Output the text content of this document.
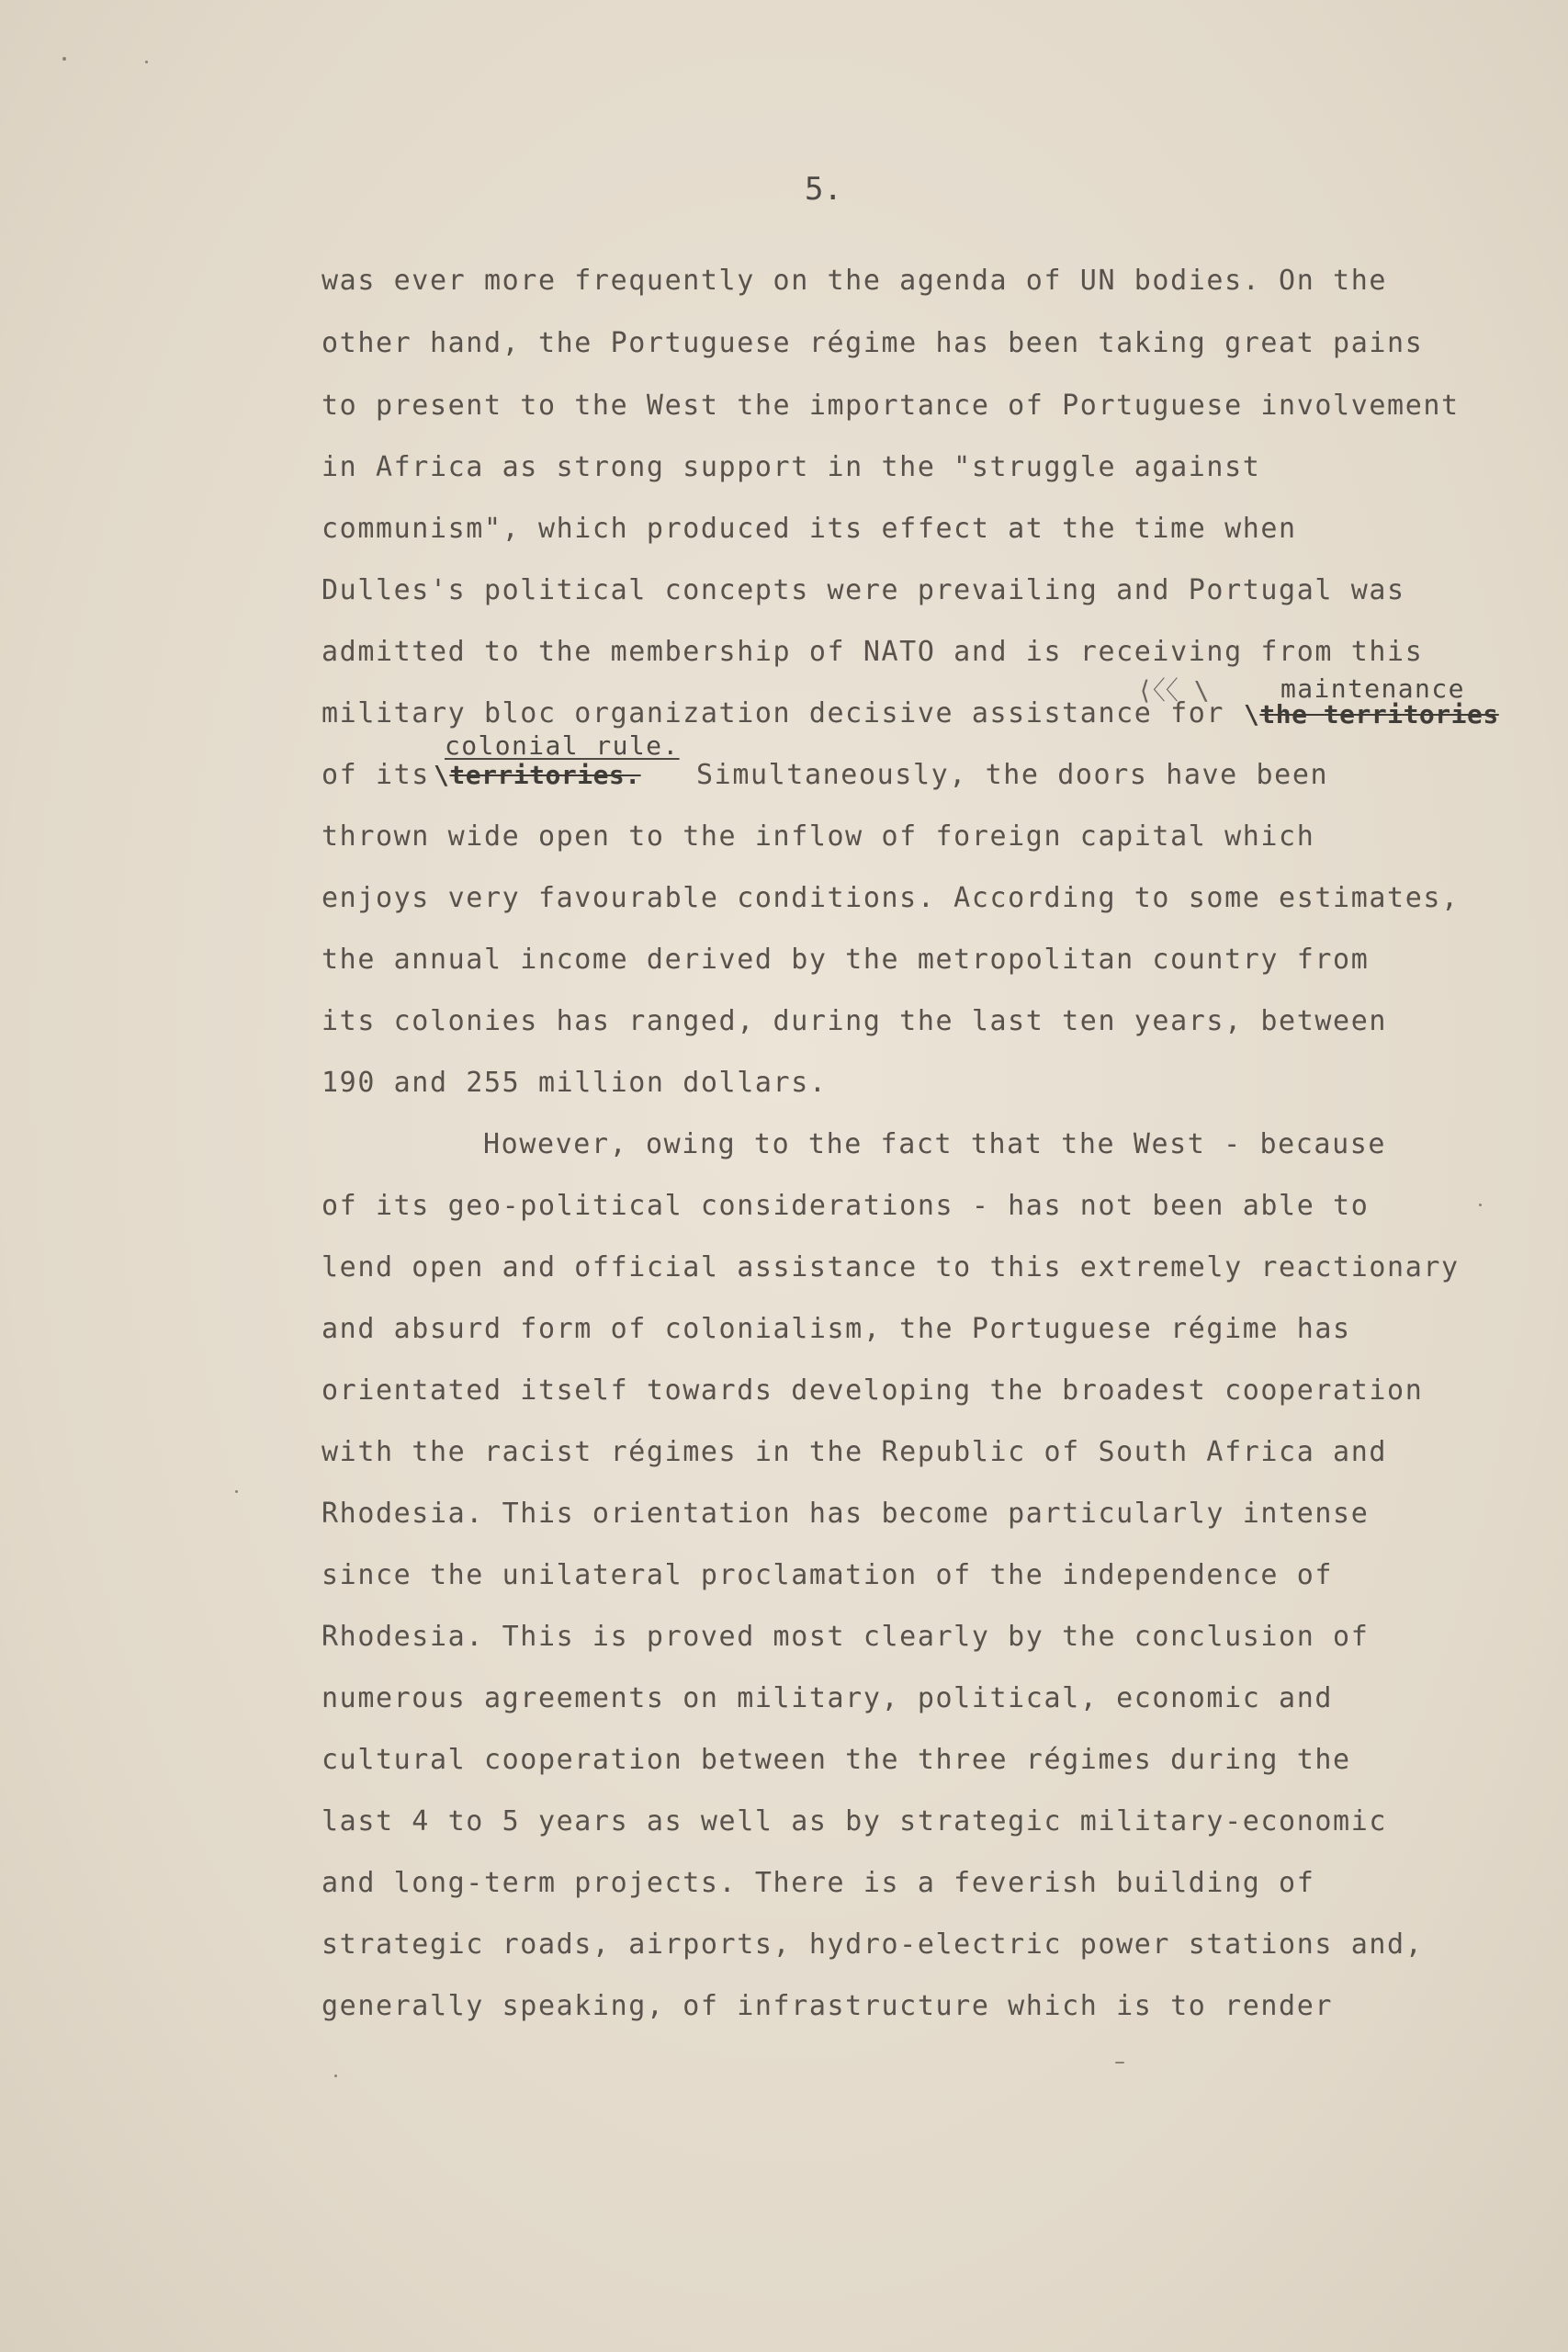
5.
was ever more frequently on the agenda of UN bodies. On the
other hand, the Portuguese régime has been taking great pains
to present to the West the importance of Portuguese involvement
in Africa as strong support in the "struggle against
communism", which produced its effect at the time when
Dulles's political concepts were prevailing and Portugal was
admitted to the membership of NATO and is receiving from this
military bloc organization decisive assistance for
⟨〈〈 \	maintenance
\the territories
colonial rule.
of its \territories. Simultaneously, the doors have been
thrown wide open to the inflow of foreign capital which
enjoys very favourable conditions. According to some estimates,
the annual income derived by the metropolitan country from
its colonies has ranged, during the last ten years, between
190 and 255 million dollars.
However, owing to the fact that the West - because
of its geo-political considerations - has not been able to
lend open and official assistance to this extremely reactionary
and absurd form of colonialism, the Portuguese régime has
orientated itself towards developing the broadest cooperation
with the racist régimes in the Republic of South Africa and
Rhodesia. This orientation has become particularly intense
since the unilateral proclamation of the independence of
Rhodesia. This is proved most clearly by the conclusion of
numerous agreements on military, political, economic and
cultural cooperation between the three régimes during the
last 4 to 5 years as well as by strategic military-economic
and long-term projects. There is a feverish building of
strategic roads, airports, hydro-electric power stations and,
generally speaking, of infrastructure which is to render
